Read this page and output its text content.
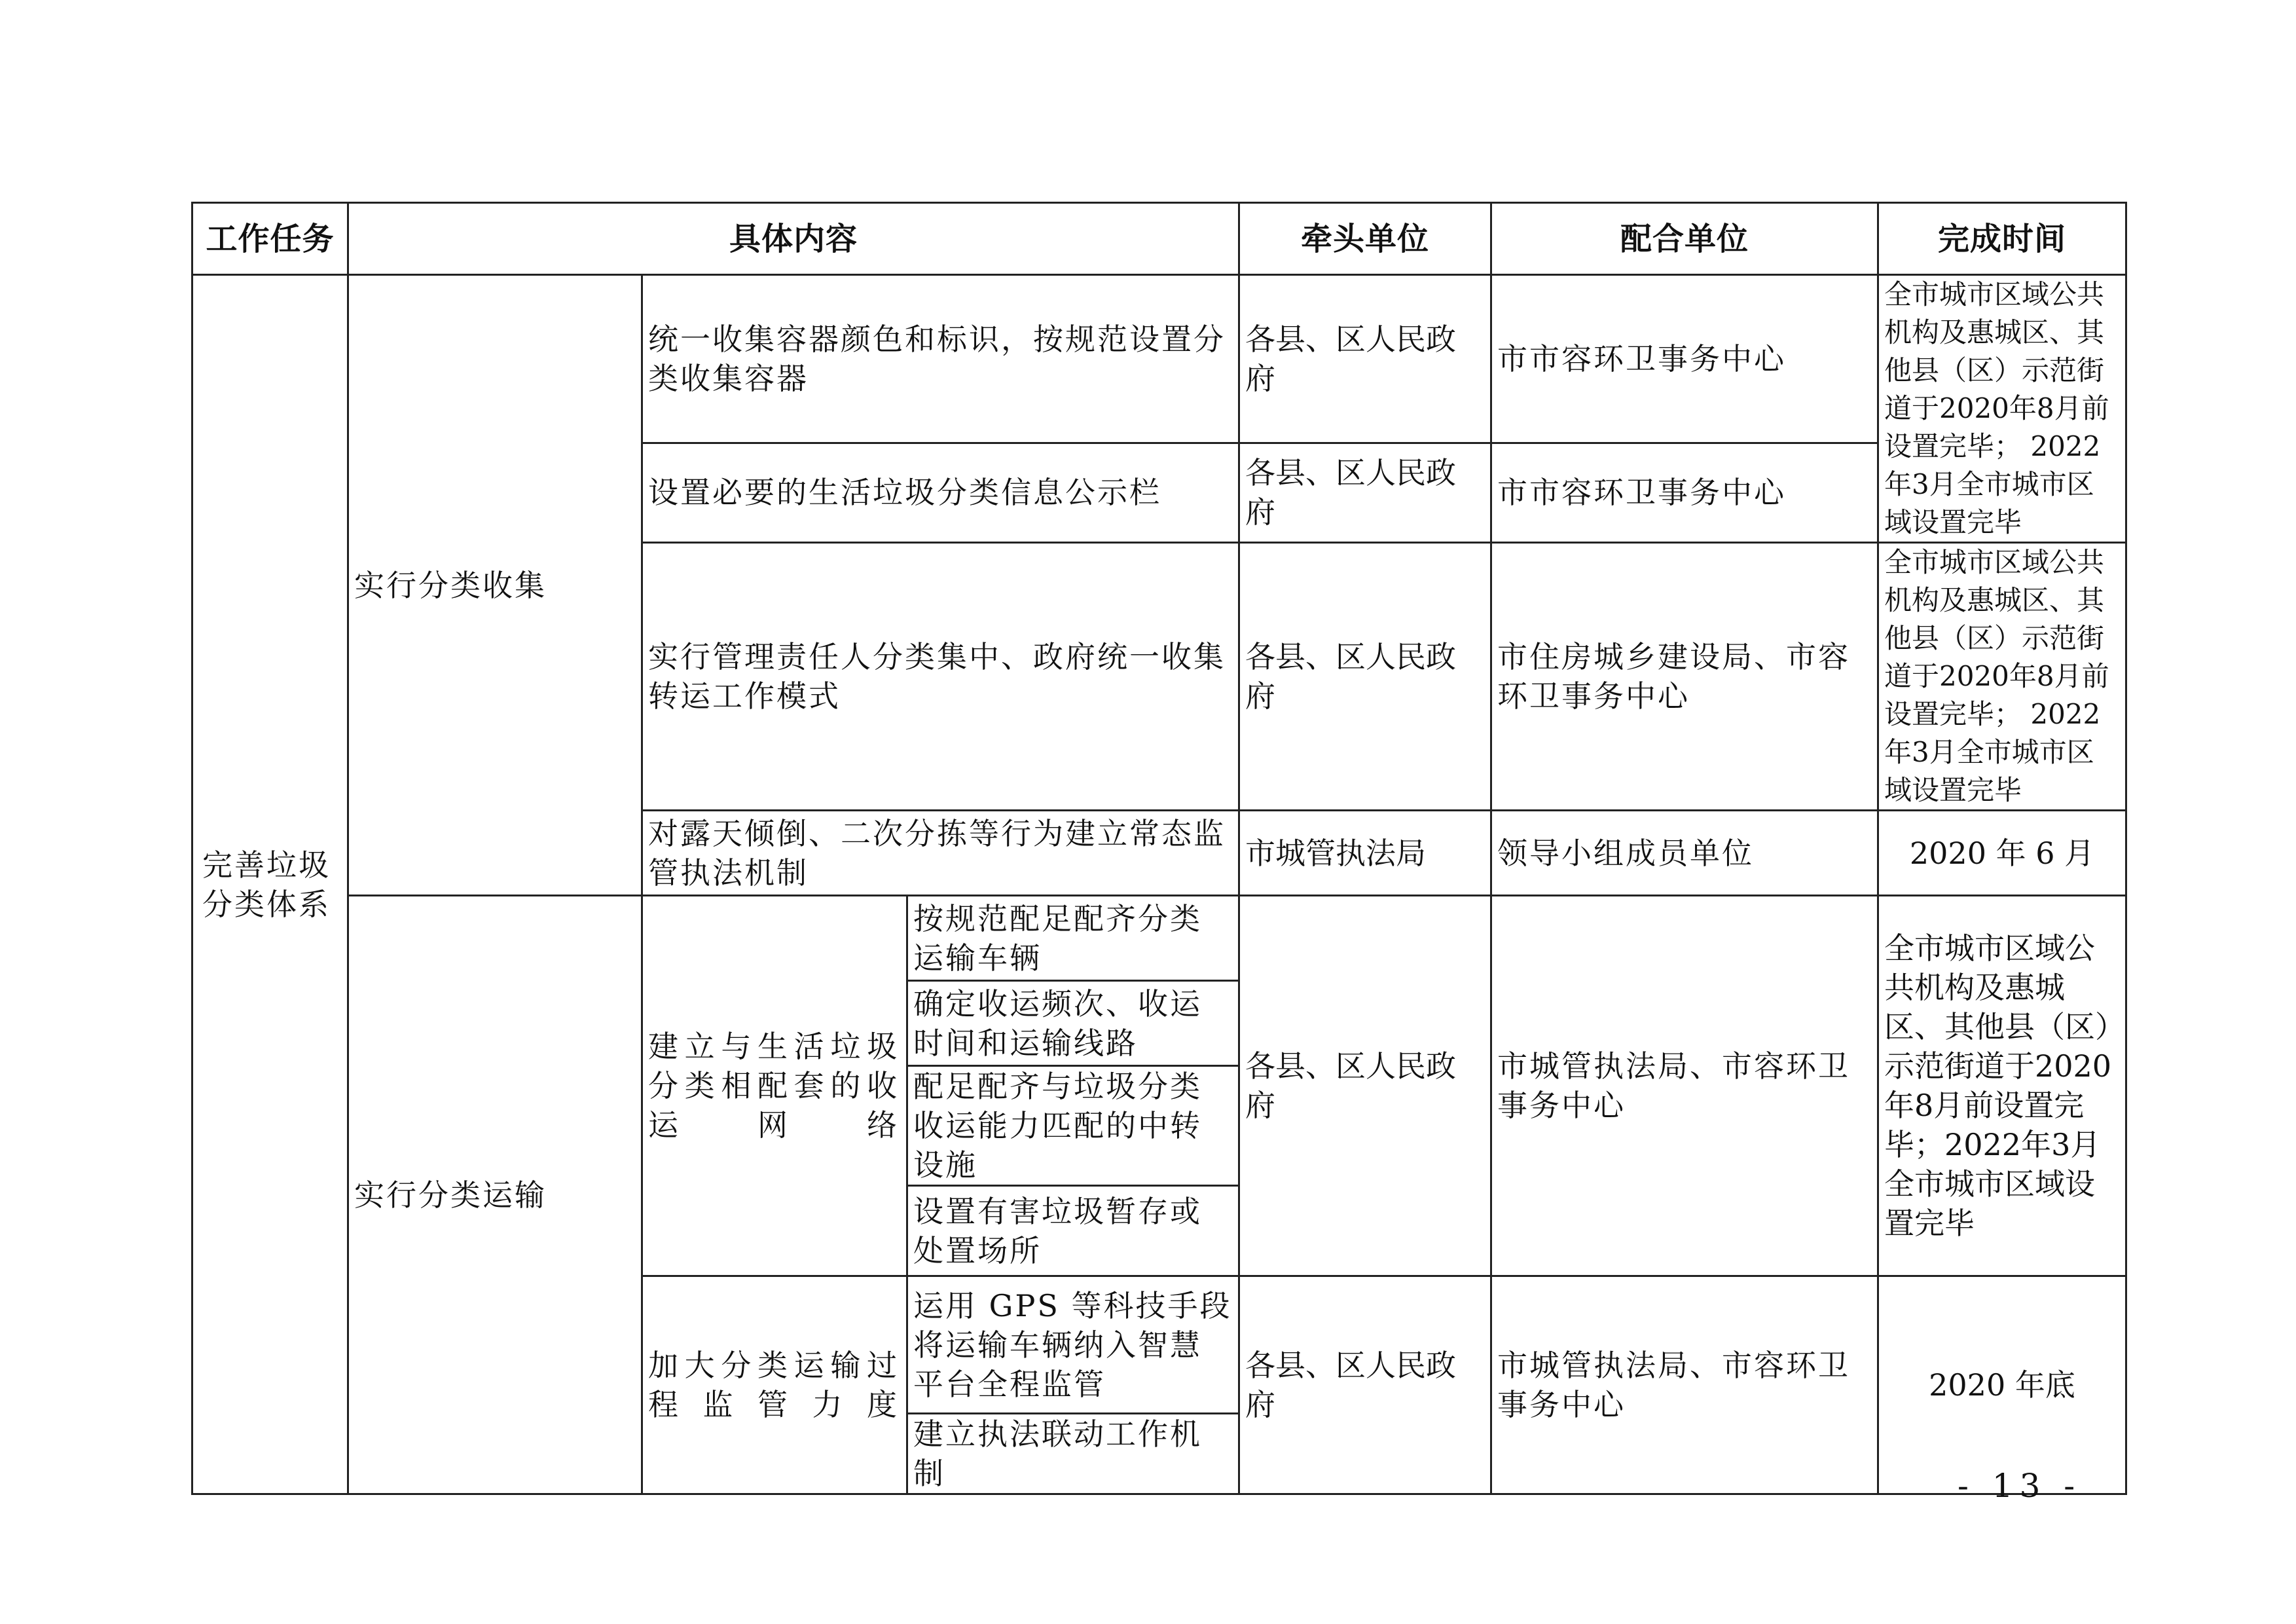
工作任务	具体内容			牵头单位	配合单位	完成时间
完善垃圾分类体系	实行分类收集	统一收集容器颜色和标识，按规范设置分类收集容器		各县、区人民政府	市市容环卫事务中心	全市城市区域公共机构及惠城区、其他县（区）示范街道于2020年8月前设置完毕； 2022年3月全市城市区域设置完毕
		设置必要的生活垃圾分类信息公示栏		各县、区人民政府	市市容环卫事务中心	
		实行管理责任人分类集中、政府统一收集转运工作模式		各县、区人民政府	市住房城乡建设局、市容环卫事务中心	全市城市区域公共机构及惠城区、其他县（区）示范街道于2020年8月前设置完毕； 2022年3月全市城市区域设置完毕
		对露天倾倒、二次分拣等行为建立常态监管执法机制		市城管执法局	领导小组成员单位	2020 年 6 月
	实行分类运输	建立与生活垃圾分类相配套的收运网络	按规范配足配齐分类运输车辆	各县、区人民政府	市城管执法局、市容环卫事务中心	全市城市区域公共机构及惠城区、其他县（区）示范街道于2020年8月前设置完毕；2022年3月全市城市区域设置完毕
			确定收运频次、收运时间和运输线路			
			配足配齐与垃圾分类收运能力匹配的中转设施			
			设置有害垃圾暂存或处置场所			
		加大分类运输过程监管力度	运用 GPS 等科技手段将运输车辆纳入智慧平台全程监管	各县、区人民政府	市城管执法局、市容环卫事务中心	2020 年底
			建立执法联动工作机制				- 13 -
